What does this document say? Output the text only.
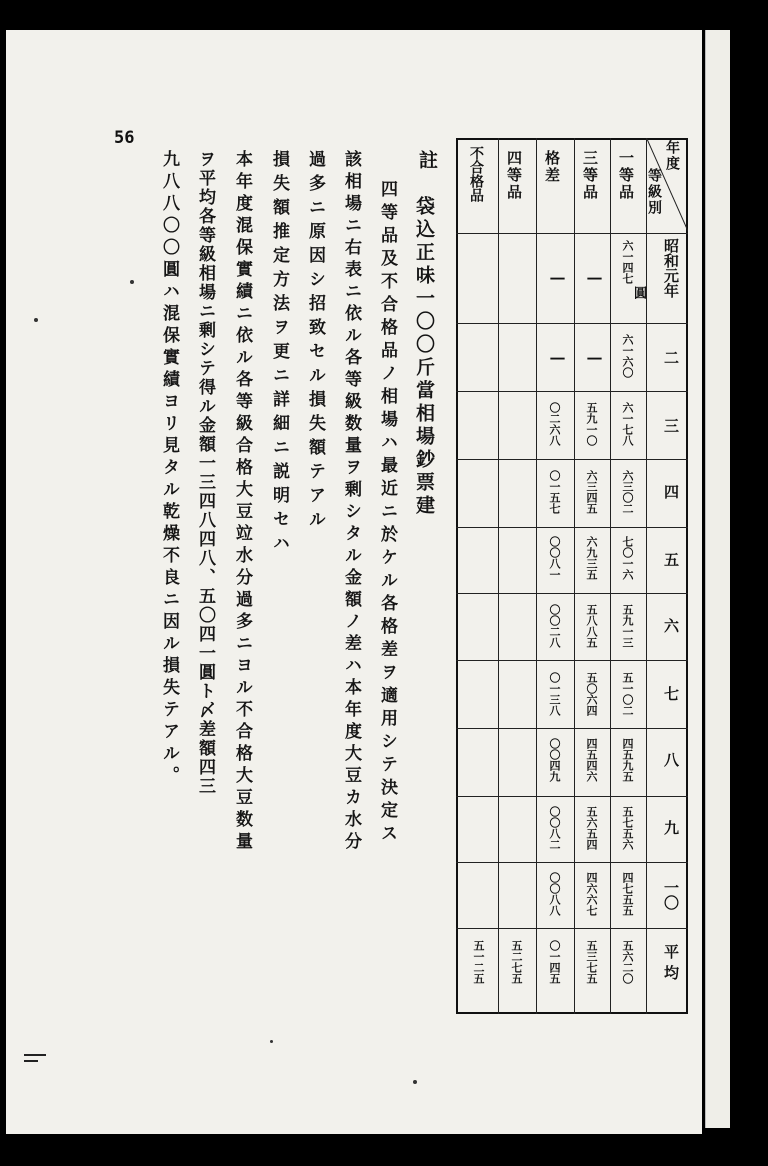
56
年度
等級別
一等品
三等品
格差
四等品
不合格品
昭和元年
二
三
四
五
六
七
八
九
一〇
平均
圓
六一四七
六一六〇
六一七八
六三〇二
七〇一六
五九一三
五一〇二
四五九五
五七五六
四七五五
五六二〇
—
—
五九一〇
六三四五
六九三五
五八八五
五〇六四
四五四六
五六五四
四六六七
五三七五
—
—
〇二六八
〇一五七
〇〇八一
〇〇二八
〇一三八
〇〇四九
〇〇八二
〇〇八八
〇一四五
五二七五
五一二五
註
袋込正味一〇〇斤當相場鈔票建
四等品及不合格品ノ相場ハ最近ニ於ケル各格差ヲ適用シテ決定ス
該相場ニ右表ニ依ル各等級数量ヲ剰シタル金額ノ差ハ本年度大豆カ水分
過多ニ原因シ招致セル損失額テアル
損失額推定方法ヲ更ニ詳細ニ説明セハ
本年度混保實績ニ依ル各等級合格大豆竝水分過多ニヨル不合格大豆数量
ヲ平均各等級相場ニ剰シテ得ル金額一三四八四八、五〇四一圓ト〆差額四三
九八八〇〇圓ハ混保實績ヨリ見タル乾燥不良ニ因ル損失テアル。
